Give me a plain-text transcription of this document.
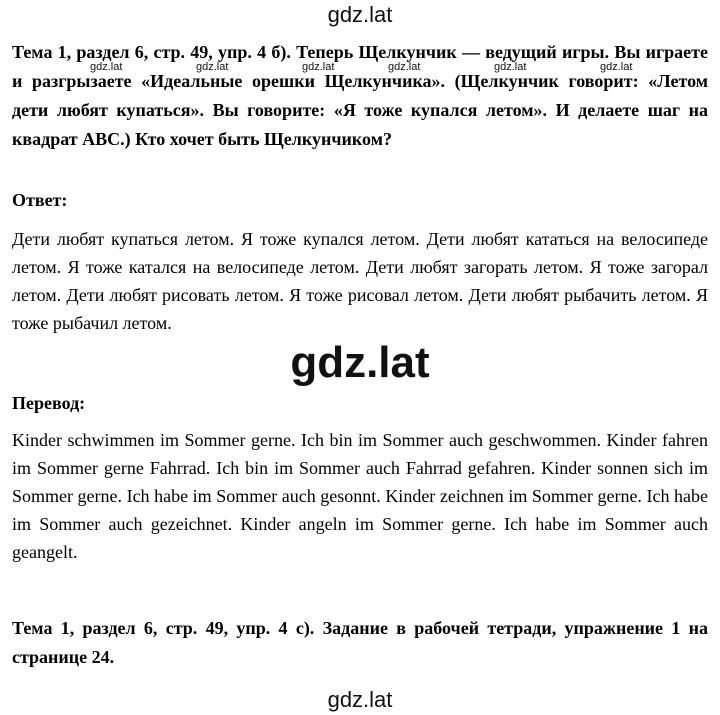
gdz.lat
gdz.lat	gdz.lat	gdz.lat	gdz.lat	gdz.lat	gdz.lat
Тема 1, раздел 6, стр. 49, упр. 4 б). Теперь Щелкунчик — ведущий игры. Вы играете и разгрызаете «Идеальные орешки Щелкунчика». (Щелкунчик говорит: «Летом дети любят купаться». Вы говорите: «Я тоже купался летом». И делаете шаг на квадрат АВС.) Кто хочет быть Щелкунчиком?
Ответ:
Дети любят купаться летом. Я тоже купался летом. Дети любят кататься на велосипеде летом. Я тоже катался на велосипеде летом. Дети любят загорать летом. Я тоже загорал летом. Дети любят рисовать летом. Я тоже рисовал летом. Дети любят рыбачить летом. Я тоже рыбачил летом.
gdz.lat
Перевод:
Kinder schwimmen im Sommer gerne. Ich bin im Sommer auch geschwommen. Kinder fahren im Sommer gerne Fahrrad. Ich bin im Sommer auch Fahrrad gefahren. Kinder sonnen sich im Sommer gerne. Ich habe im Sommer auch gesonnt. Kinder zeichnen im Sommer gerne. Ich habe im Sommer auch gezeichnet. Kinder angeln im Sommer gerne. Ich habe im Sommer auch geangelt.
Тема 1, раздел 6, стр. 49, упр. 4 с). Задание в рабочей тетради, упражнение 1 на странице 24.
gdz.lat
